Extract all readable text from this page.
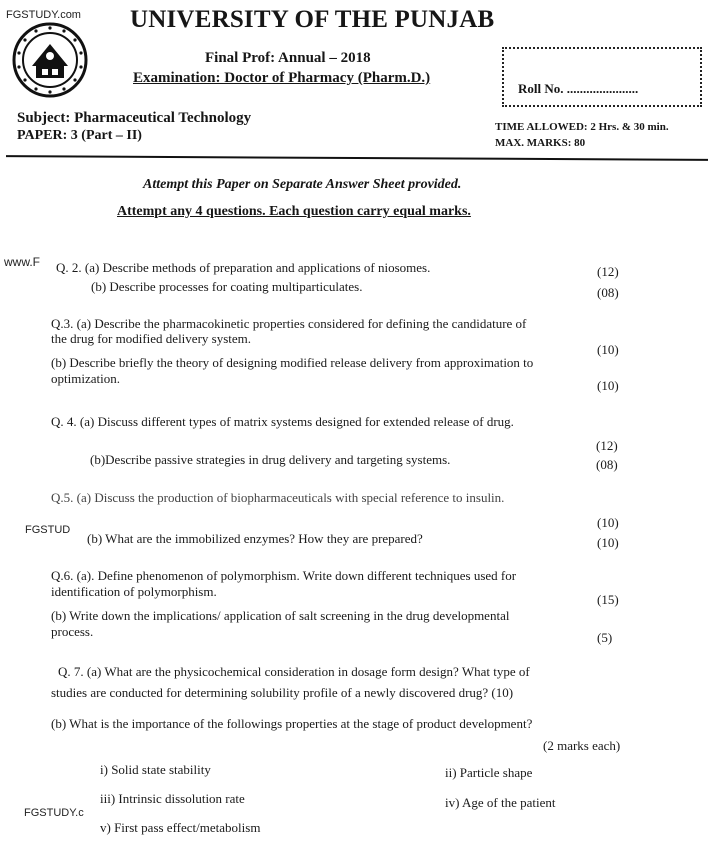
FGSTUDY.com
www.F
FGSTUD
FGSTUDY.c
UNIVERSITY OF THE PUNJAB
Final Prof: Annual – 2018
Examination: Doctor of Pharmacy (Pharm.D.)
Roll No. ......................
Subject: Pharmaceutical Technology
PAPER: 3 (Part – II)
TIME ALLOWED: 2 Hrs. & 30 min.
MAX. MARKS: 80
Attempt this Paper on Separate Answer Sheet provided.
Attempt any 4 questions. Each question carry equal marks.
Q. 2. (a) Describe methods of preparation and applications of niosomes.	(12)
(b) Describe processes for coating multiparticulates.	(08)
Q.3. (a) Describe the pharmacokinetic properties considered for defining the candidature of
the drug for modified delivery system.
(10)
(b) Describe briefly the theory of designing modified release delivery from approximation to
optimization.	(10)
Q. 4. (a) Discuss different types of matrix systems designed for extended release of drug.
(12)
(b)Describe passive strategies in drug delivery and targeting systems.	(08)
Q.5. (a) Discuss the production of biopharmaceuticals with special reference to insulin.
(10)
(b) What are the immobilized enzymes? How they are prepared?	(10)
Q.6. (a). Define phenomenon of polymorphism. Write down different techniques used for
identification of polymorphism.
(15)
(b) Write down the implications/ application of salt screening in the drug developmental
process.	(5)
Q. 7. (a) What are the physicochemical consideration in dosage form design? What type of
studies are conducted for determining solubility profile of a newly discovered drug? (10)
(b) What is the importance of the followings properties at the stage of product development?
(2 marks each)
i) Solid state stability	ii) Particle shape
iii) Intrinsic dissolution rate	iv) Age of the patient
v) First pass effect/metabolism
